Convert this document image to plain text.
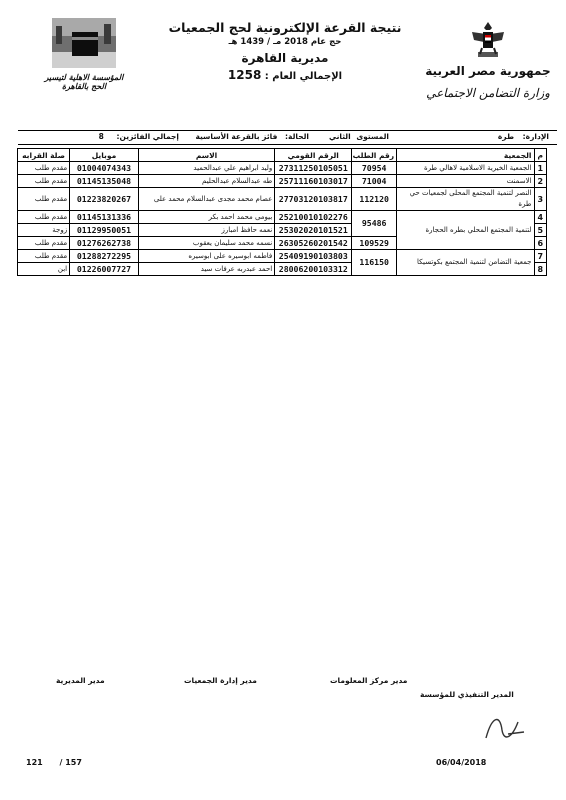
نتيجة القرعة الإلكترونية لحج الجمعيات
حج عام 2018 مـ / 1439 هـ
مديرية القاهرة
الإجمالي العام : 1258
المؤسسة الاهلية لتيسير الحج بالقاهرة
جمهورية مصر العربية
وزارة التضامن الاجتماعي
الإدارة: طرة
المستوى الثاني
الحالة: فائز بالقرعة الأساسية
إجمالي الفائزين: 8
م	الجمعية	رقم الطلب	الرقم القومي	الاسم	موبايل	صلة القرابه
1	الجمعية الخيرية الاسلامية لاهالي طرة	70954	27311250105051	وليد ابراهيم علي عبدالحميد	01004074343	مقدم طلب
2	الاسمنت	71004	25711160103017	طه عبدالسلام عبدالحليم	01145135048	مقدم طلب
3	النصر لتنمية المجتمع المحلى لجمعيات حي طرة	112120	27703120103817	عصام محمد مجدى عبدالسلام محمد على	01223820267	مقدم طلب
4	لتنمية المجتمع المحلي بطره الحجارة	95486	25210010102276	بيومى محمد احمد بكر	01145131336	مقدم طلب
5			25302020101521	نعمه حافظ امبارز	01129950051	زوجة
6		109529	26305260201542	نسمه محمد سليمان يعقوب	01276262738	مقدم طلب
7	جمعية التضامن لتنمية المجتمع بكوتسيكا	116150	25409190103803	فاطمه ابوسيره على ابوسيره	01288272295	مقدم طلب
8			28006200103312	احمد عبدربه عرفات سيد	01226007727	ابن
مدير مركز المعلومات
مدير إدارة الجمعيات
مدير المديرية
المدير التنفيذي للمؤسسة
06/04/2018
121 / 157
